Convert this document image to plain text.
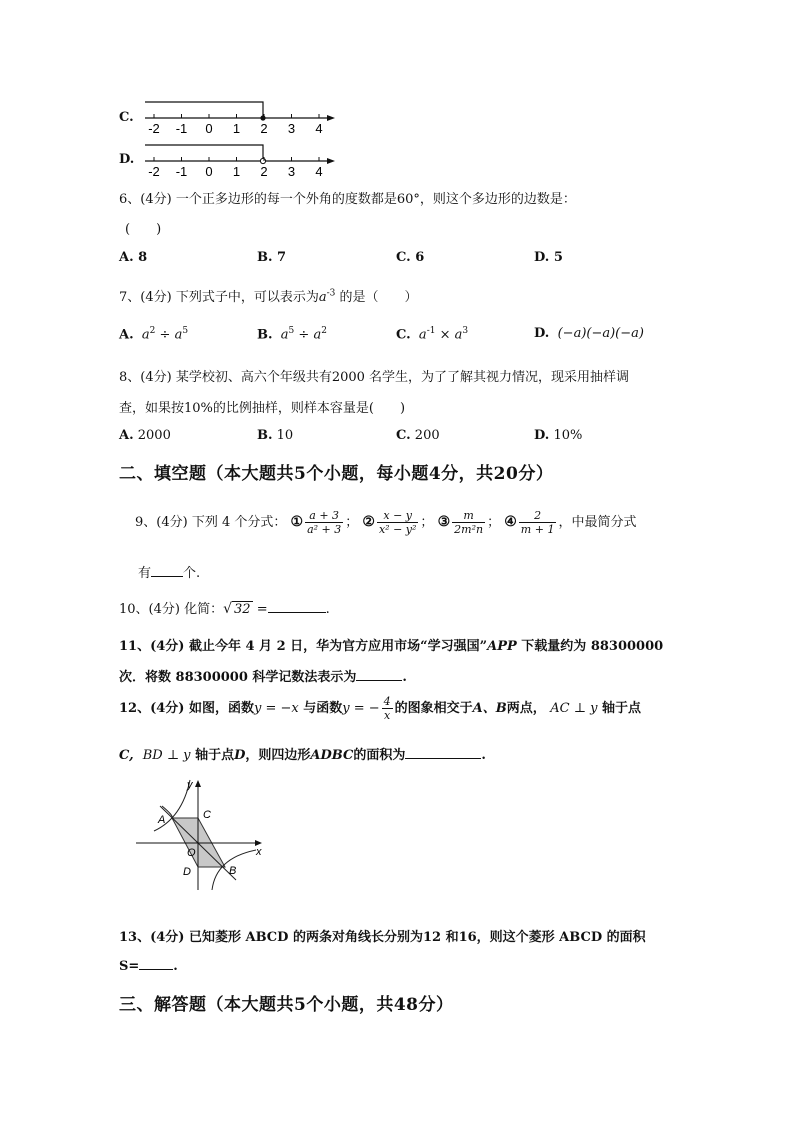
C.
-2 -1 0 1 2 3 4
D.
-2 -1 0 1 2 3 4
6、(4分) 一个正多边形的每一个外角的度数都是60°，则这个多边形的边数是：
(　　)
A. 8	B. 7	C. 6	D. 5
7、(4分) 下列式子中，可以表示为$a^{-3}$ 的是（　　）
A. $a^2 \div a^5$	B. $a^5 \div a^2$	C. $a^{-1} \times a^3$	D. (−a)(−a)(−a)
8、(4分) 某学校初、高六个年级共有2000 名学生，为了了解其视力情况，现采用抽样调
查，如果按10%的比例抽样，则样本容量是(　　)
A. 2000	B. 10	C. 200	D. 10%
二、填空题（本大题共5个小题，每小题4分，共20分）
9、(4分) 下列 4 个分式： ① $\frac{a + 3}{\text{a² + 3}}$ ； ② $\frac{x - y}{\text{x² − y²}}$ ； ③ $\frac{m}{\text{2m²n}}$ ； ④ $\frac{2}{m + 1}$ ，中最简分式
有 个.
10、(4分) 化简：√ 32 =	.
11、(4分) 截止今年 4 月 2 日，华为官方应用市场“学习强国”APP 下载量约为 88300000
次．将数 88300000 科学记数法表示为	.
12、(4分) 如图，函数y = −x 与函数y = − $\frac{4}{x}$ 的图象相交于A、B两点， AC ⊥ y 轴于点
C, BD ⊥ y 轴于点D，则四边形ADBC的面积为	.
A	C
O
D	B
x
y
13、(4分) 已知菱形 ABCD 的两条对角线长分别为12 和16，则这个菱形 ABCD 的面积
S=	.
三、解答题（本大题共5个小题，共48分）
